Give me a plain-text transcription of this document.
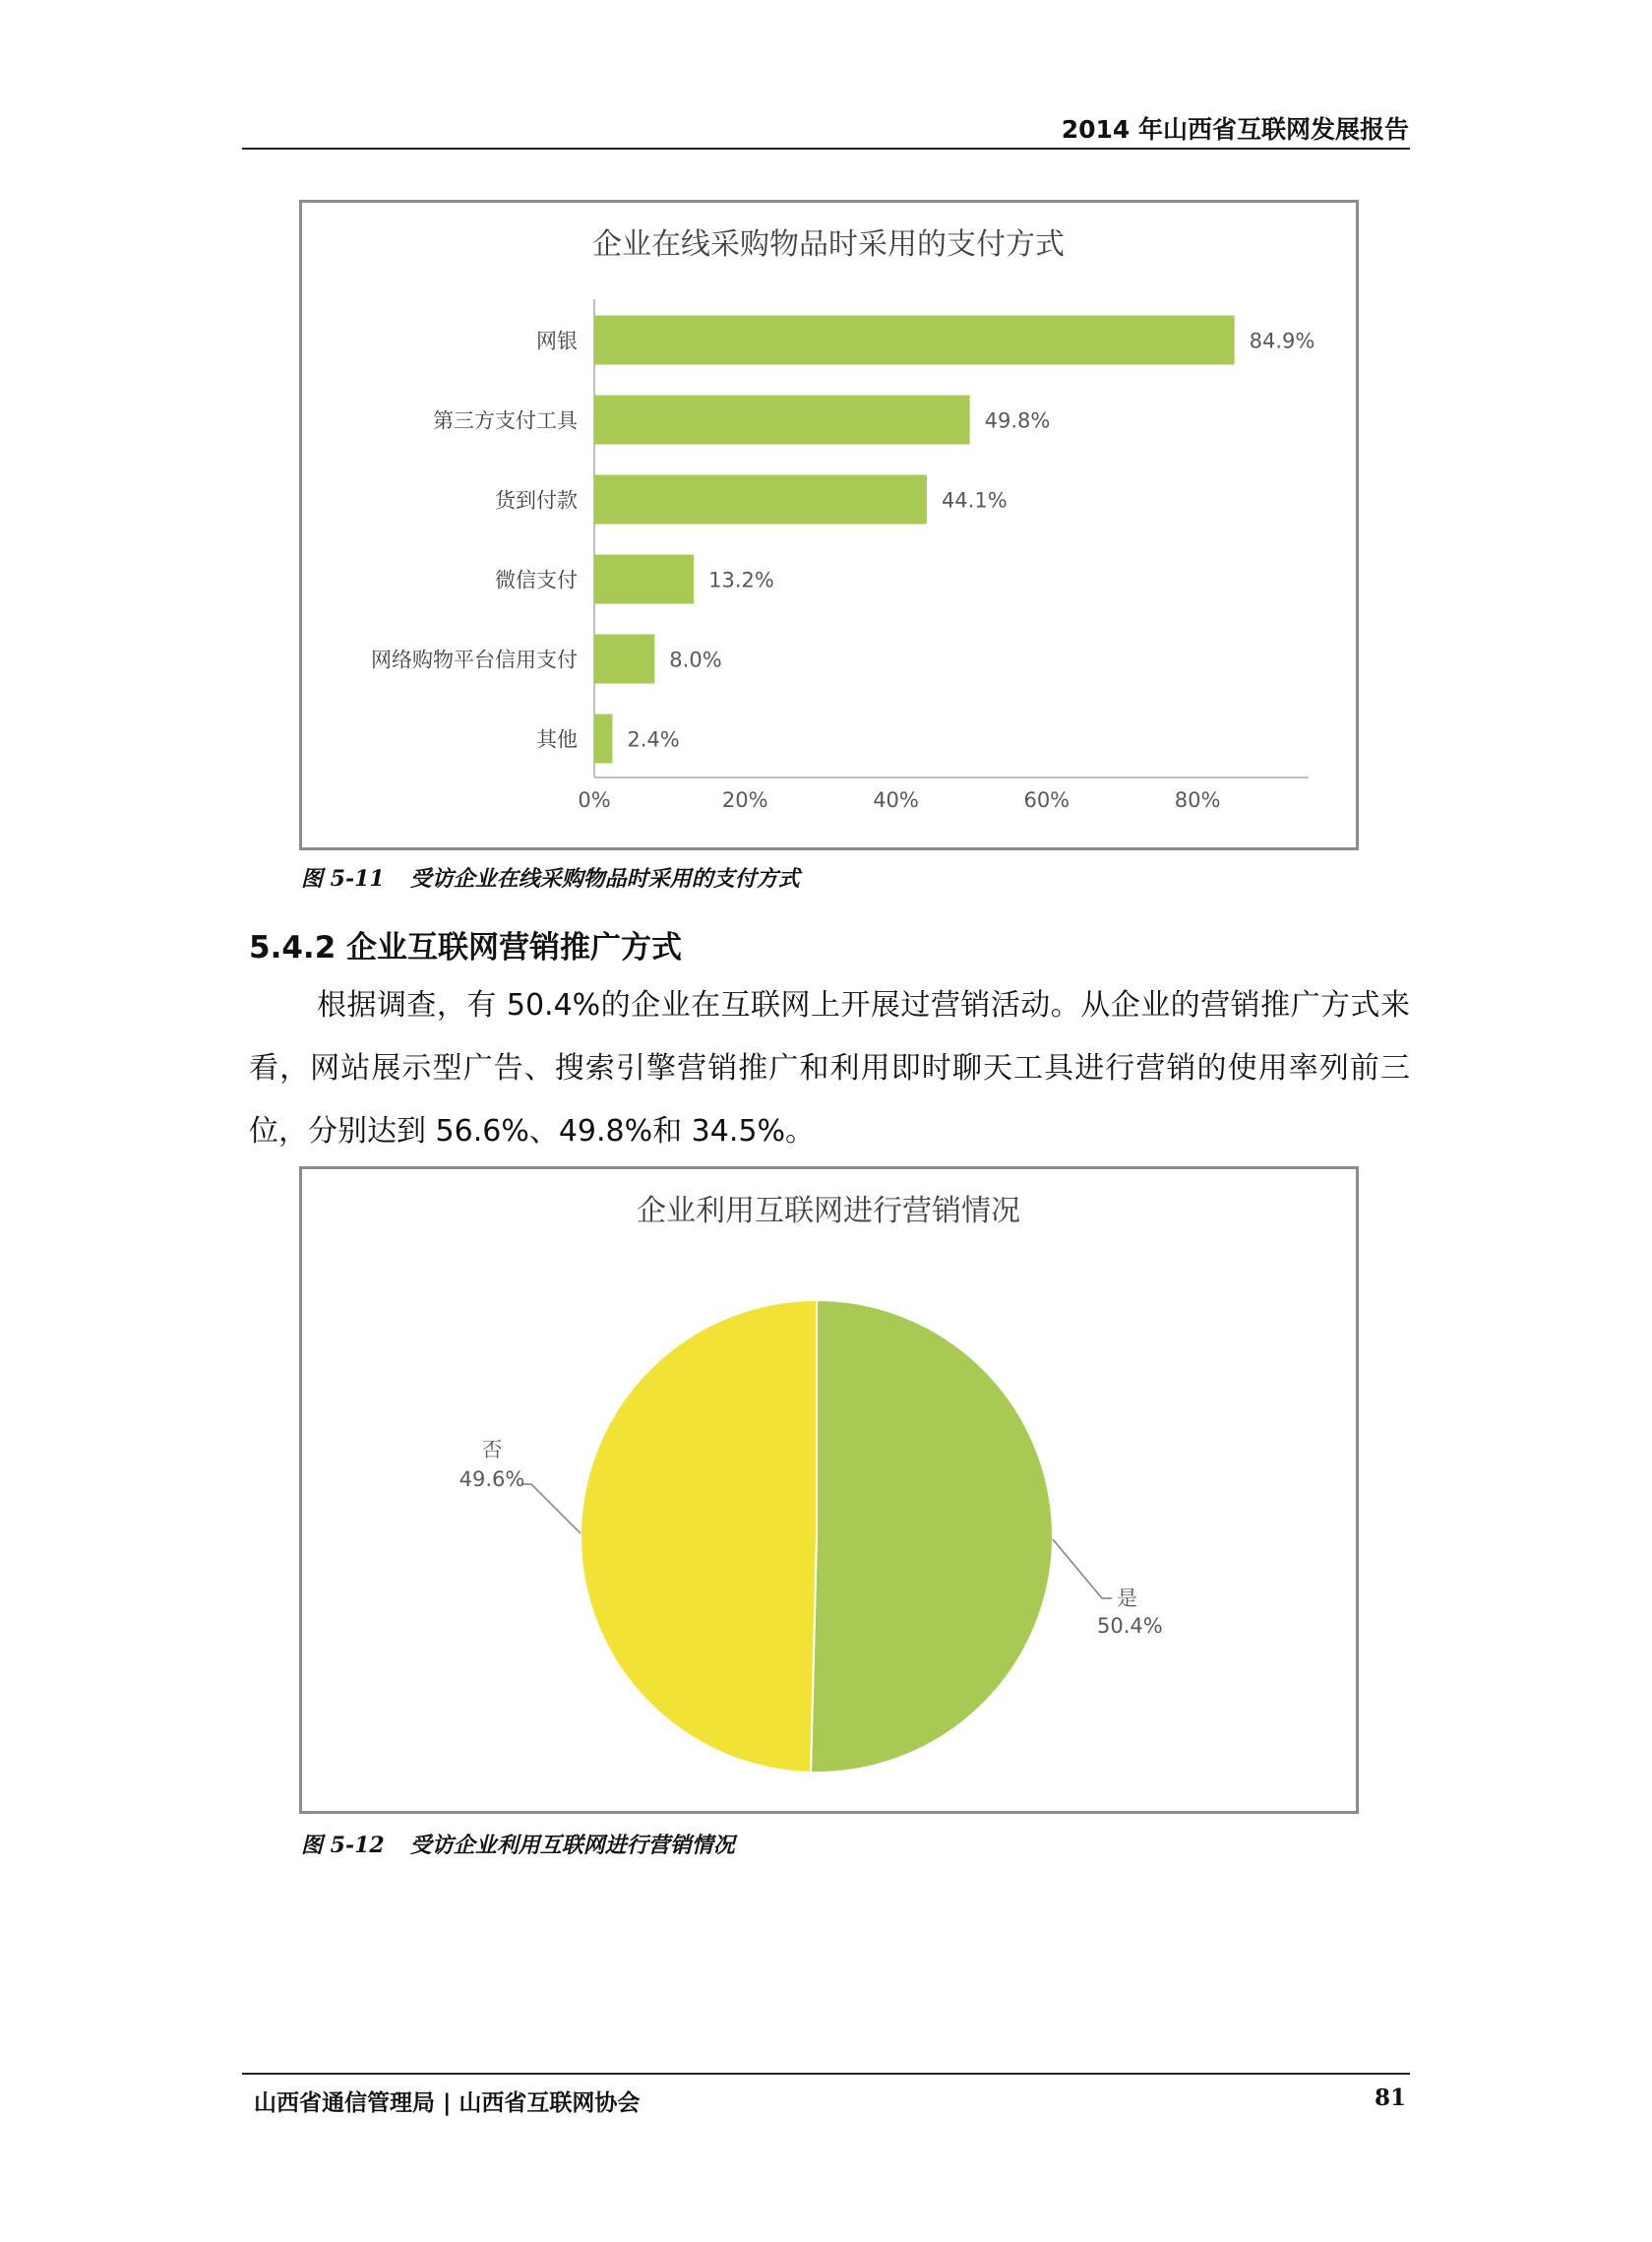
2014 年山西省互联网发展报告
企业在线采购物品时采用的支付方式
网银	84.9%
第三方支付工具	49.8%
货到付款	44.1%
微信支付	13.2%
网络购物平台信用支付	8.0%
其他 2.4%
0%	20%	40%	60%	80%
图 5-11 受访企业在线采购物品时采用的支付方式
5.4.2 企业互联网营销推广方式

根据调查，有 50.4%的企业在互联网上开展过营销活动。从企业的营销推广方式来看，网站展示型广告、搜索引擎营销推广和利用即时聊天工具进行营销的使用率列前三位，分别达到 56.6%、49.8%和 34.5%。

企业利用互联网进行营销情况
是
50.4%
否
49.6%
图 5-12 受访企业利用互联网进行营销情况
山西省通信管理局 | 山西省互联网协会	81
